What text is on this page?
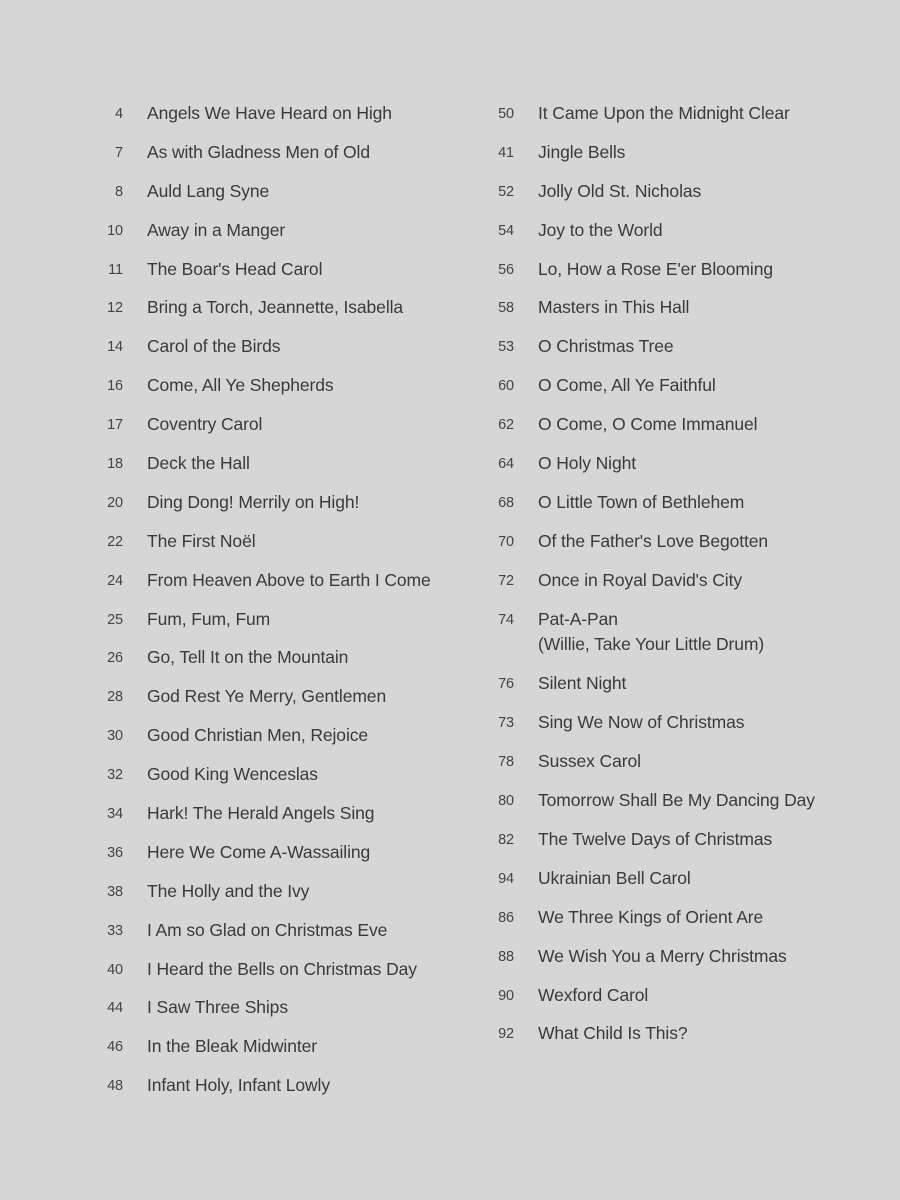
4 Angels We Have Heard on High
7 As with Gladness Men of Old
8 Auld Lang Syne
10 Away in a Manger
11 The Boar's Head Carol
12 Bring a Torch, Jeannette, Isabella
14 Carol of the Birds
16 Come, All Ye Shepherds
17 Coventry Carol
18 Deck the Hall
20 Ding Dong! Merrily on High!
22 The First Noël
24 From Heaven Above to Earth I Come
25 Fum, Fum, Fum
26 Go, Tell It on the Mountain
28 God Rest Ye Merry, Gentlemen
30 Good Christian Men, Rejoice
32 Good King Wenceslas
34 Hark! The Herald Angels Sing
36 Here We Come A-Wassailing
38 The Holly and the Ivy
33 I Am so Glad on Christmas Eve
40 I Heard the Bells on Christmas Day
44 I Saw Three Ships
46 In the Bleak Midwinter
48 Infant Holy, Infant Lowly
50 It Came Upon the Midnight Clear
41 Jingle Bells
52 Jolly Old St. Nicholas
54 Joy to the World
56 Lo, How a Rose E'er Blooming
58 Masters in This Hall
53 O Christmas Tree
60 O Come, All Ye Faithful
62 O Come, O Come Immanuel
64 O Holy Night
68 O Little Town of Bethlehem
70 Of the Father's Love Begotten
72 Once in Royal David's City
74 Pat-A-Pan
(Willie, Take Your Little Drum)
76 Silent Night
73 Sing We Now of Christmas
78 Sussex Carol
80 Tomorrow Shall Be My Dancing Day
82 The Twelve Days of Christmas
94 Ukrainian Bell Carol
86 We Three Kings of Orient Are
88 We Wish You a Merry Christmas
90 Wexford Carol
92 What Child Is This?
